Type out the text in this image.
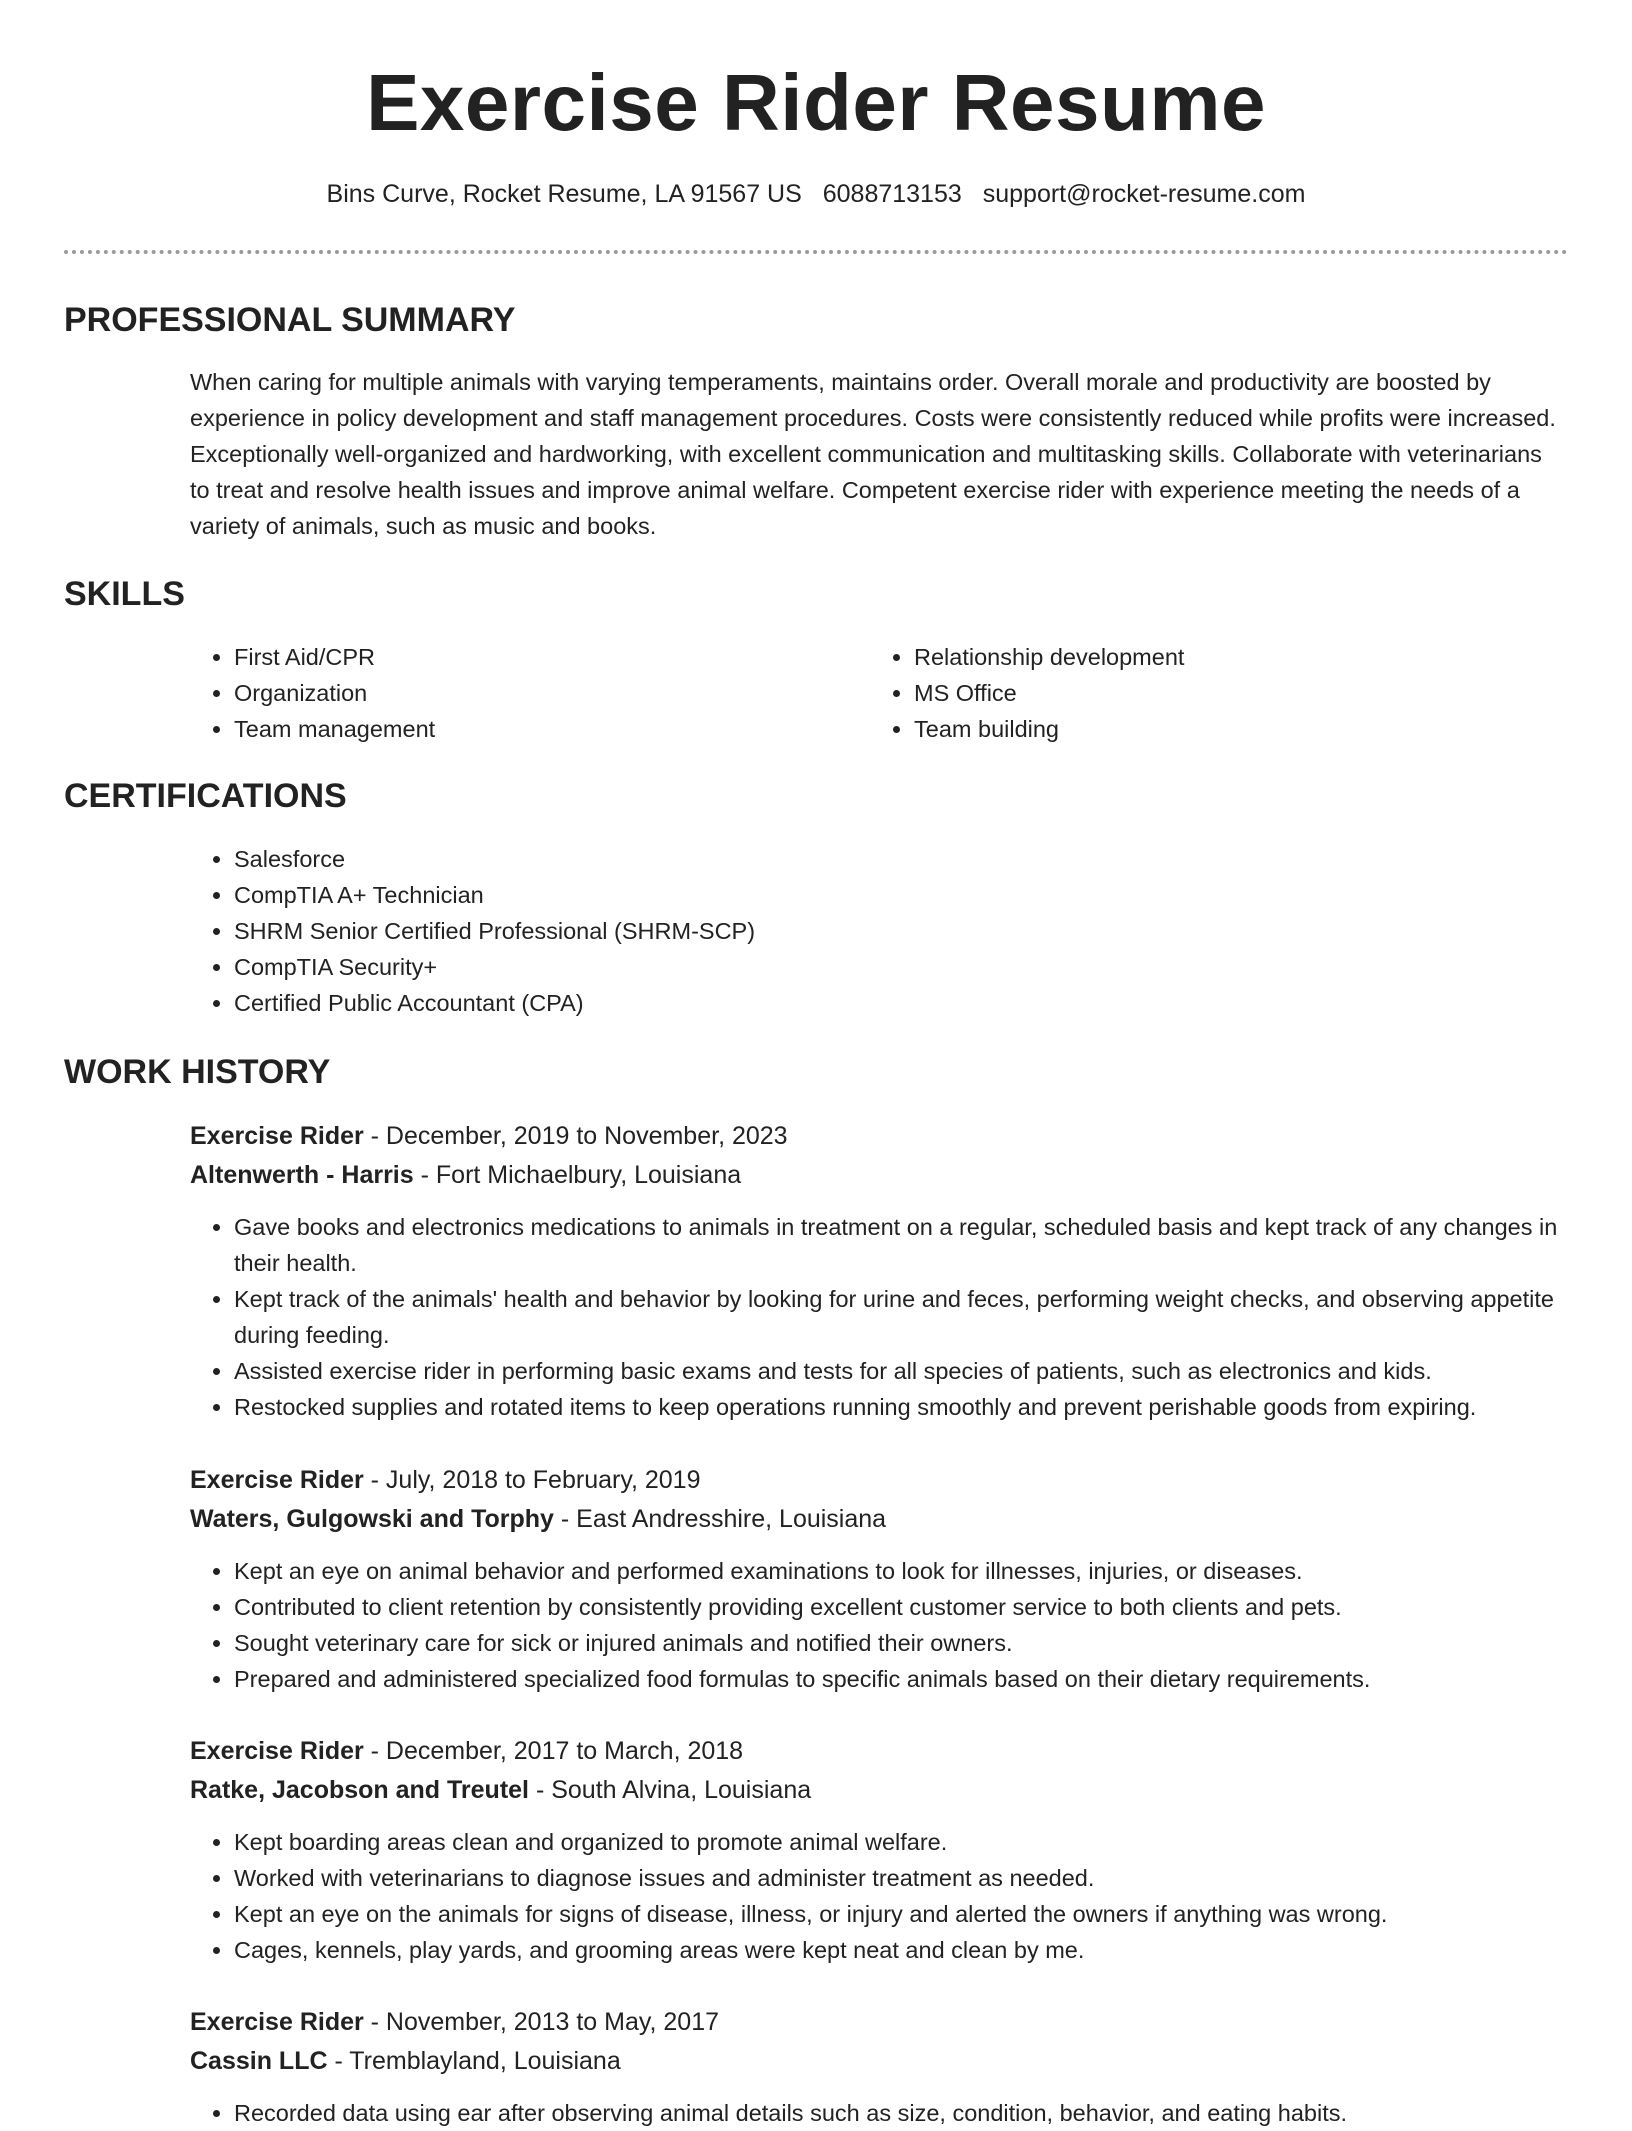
Exercise Rider Resume
Bins Curve, Rocket Resume, LA 91567 US 6088713153 support@rocket-resume.com
PROFESSIONAL SUMMARY
When caring for multiple animals with varying temperaments, maintains order. Overall morale and productivity are boosted by experience in policy development and staff management procedures. Costs were consistently reduced while profits were increased. Exceptionally well-organized and hardworking, with excellent communication and multitasking skills. Collaborate with veterinarians to treat and resolve health issues and improve animal welfare. Competent exercise rider with experience meeting the needs of a variety of animals, such as music and books.
SKILLS
• First Aid/CPR
• Organization
• Team management
• Relationship development
• MS Office
• Team building
CERTIFICATIONS
• Salesforce
• CompTIA A+ Technician
• SHRM Senior Certified Professional (SHRM-SCP)
• CompTIA Security+
• Certified Public Accountant (CPA)
WORK HISTORY
Exercise Rider - December, 2019 to November, 2023
Altenwerth - Harris - Fort Michaelbury, Louisiana
• Gave books and electronics medications to animals in treatment on a regular, scheduled basis and kept track of any changes in their health.
• Kept track of the animals' health and behavior by looking for urine and feces, performing weight checks, and observing appetite during feeding.
• Assisted exercise rider in performing basic exams and tests for all species of patients, such as electronics and kids.
• Restocked supplies and rotated items to keep operations running smoothly and prevent perishable goods from expiring.
Exercise Rider - July, 2018 to February, 2019
Waters, Gulgowski and Torphy - East Andresshire, Louisiana
• Kept an eye on animal behavior and performed examinations to look for illnesses, injuries, or diseases.
• Contributed to client retention by consistently providing excellent customer service to both clients and pets.
• Sought veterinary care for sick or injured animals and notified their owners.
• Prepared and administered specialized food formulas to specific animals based on their dietary requirements.
Exercise Rider - December, 2017 to March, 2018
Ratke, Jacobson and Treutel - South Alvina, Louisiana
• Kept boarding areas clean and organized to promote animal welfare.
• Worked with veterinarians to diagnose issues and administer treatment as needed.
• Kept an eye on the animals for signs of disease, illness, or injury and alerted the owners if anything was wrong.
• Cages, kennels, play yards, and grooming areas were kept neat and clean by me.
Exercise Rider - November, 2013 to May, 2017
Cassin LLC - Tremblayland, Louisiana
• Recorded data using ear after observing animal details such as size, condition, behavior, and eating habits.
